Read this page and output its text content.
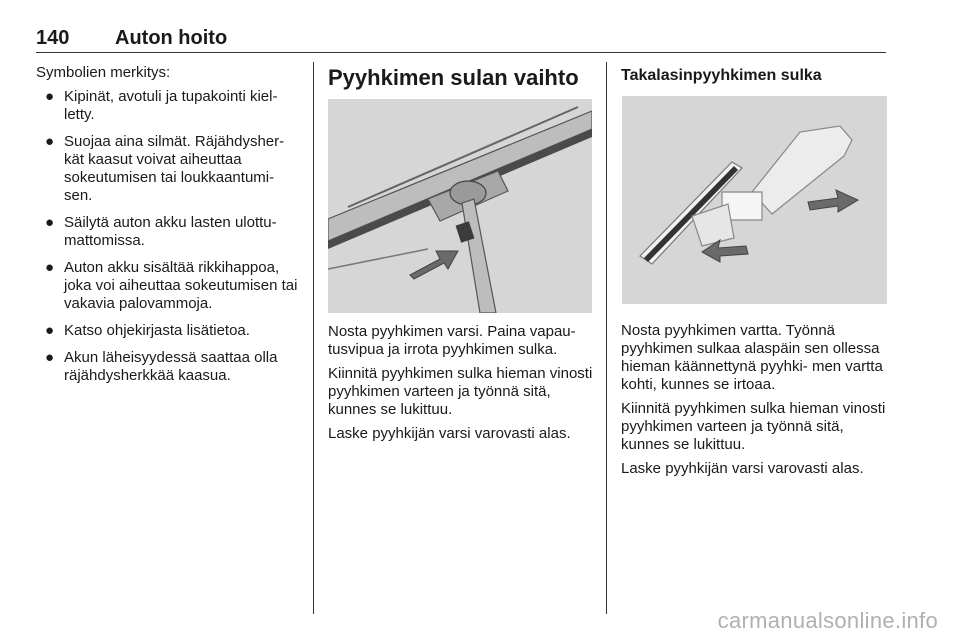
140 Auton hoito

Symbolien merkitys:

● Kipinät, avotuli ja tupakointi kiel- letty.
● Suojaa aina silmät. Räjähdysher- kät kaasut voivat aiheuttaa sokeutumisen tai loukkaantumi- sen.
● Säilytä auton akku lasten ulottu- mattomissa.
● Auton akku sisältää rikkihappoa, joka voi aiheuttaa sokeutumisen tai vakavia palovammoja.
● Katso ohjekirjasta lisätietoa.
● Akun läheisyydessä saattaa olla räjähdysherkkää kaasua.
Pyyhkimen sulan vaihto

Nosta pyyhkimen varsi. Paina vapau- tusvipua ja irrota pyyhkimen sulka.

Kiinnitä pyyhkimen sulka hieman vinosti pyyhkimen varteen ja työnnä sitä, kunnes se lukittuu.

Laske pyyhkijän varsi varovasti alas.

Takalasinpyyhkimen sulka

Nosta pyyhkimen vartta. Työnnä pyyhkimen sulkaa alaspäin sen ollessa hieman käännettynä pyyhki- men vartta kohti, kunnes se irtoaa.

Kiinnitä pyyhkimen sulka hieman vinosti pyyhkimen varteen ja työnnä sitä, kunnes se lukittuu.

Laske pyyhkijän varsi varovasti alas.

carmanualsonline.info
